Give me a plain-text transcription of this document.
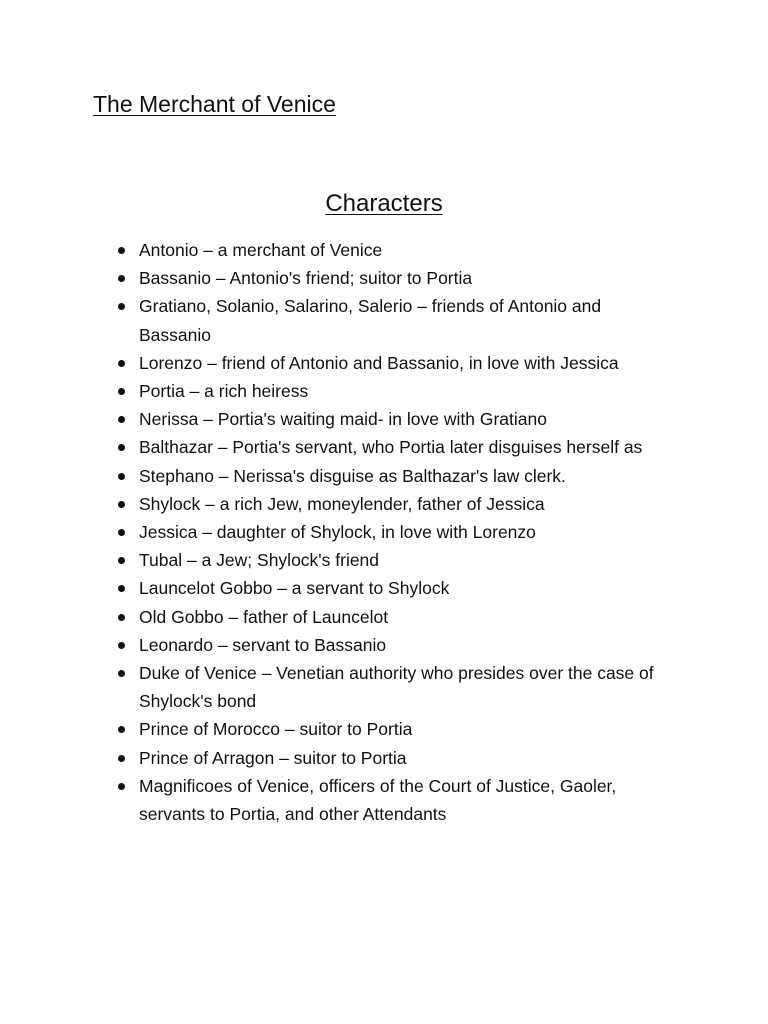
The Merchant of Venice
Characters
Antonio – a merchant of Venice
Bassanio – Antonio's friend; suitor to Portia
Gratiano, Solanio, Salarino, Salerio – friends of Antonio and Bassanio
Lorenzo – friend of Antonio and Bassanio, in love with Jessica
Portia – a rich heiress
Nerissa – Portia's waiting maid- in love with Gratiano
Balthazar – Portia's servant, who Portia later disguises herself as
Stephano – Nerissa's disguise as Balthazar's law clerk.
Shylock – a rich Jew, moneylender, father of Jessica
Jessica – daughter of Shylock, in love with Lorenzo
Tubal – a Jew; Shylock's friend
Launcelot Gobbo – a servant to Shylock
Old Gobbo – father of Launcelot
Leonardo – servant to Bassanio
Duke of Venice – Venetian authority who presides over the case of Shylock's bond
Prince of Morocco – suitor to Portia
Prince of Arragon – suitor to Portia
Magnificoes of Venice, officers of the Court of Justice, Gaoler, servants to Portia, and other Attendants
